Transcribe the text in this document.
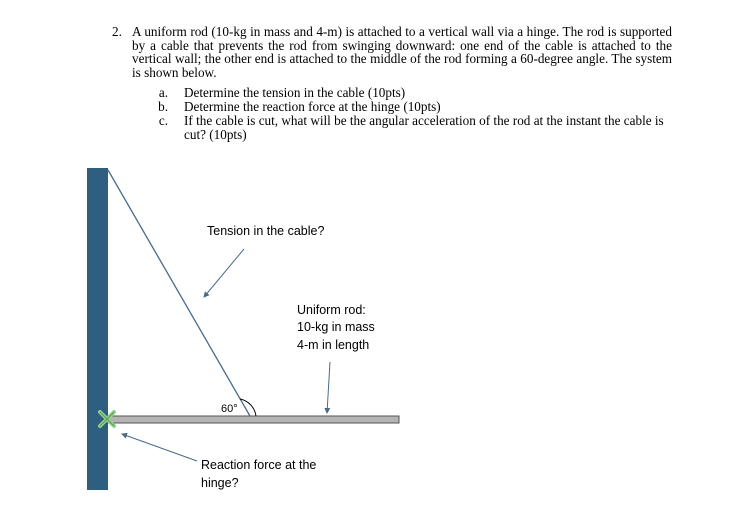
2. A uniform rod (10-kg in mass and 4-m) is attached to a vertical wall via a hinge. The rod is supported by a cable that prevents the rod from swinging downward: one end of the cable is attached to the vertical wall; the other end is attached to the middle of the rod forming a 60-degree angle. The system is shown below.
a. Determine the tension in the cable (10pts)
b. Determine the reaction force at the hinge (10pts)
c. If the cable is cut, what will be the angular acceleration of the rod at the instant the cable is cut? (10pts)
Tension in the cable?
Uniform rod:
10-kg in mass
4-m in length
60°
Reaction force at the
hinge?
